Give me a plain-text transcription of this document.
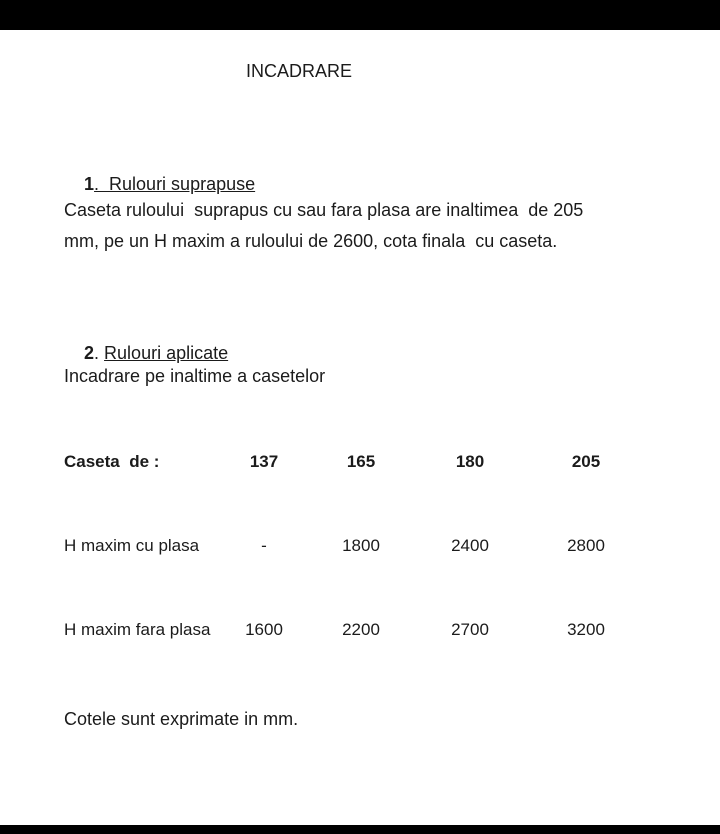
INCADRARE

1.  Rulouri suprapuse

Caseta ruloului  suprapus cu sau fara plasa are inaltimea  de 205
mm, pe un H maxim a ruloului de 2600, cota finala  cu caseta.

2. Rulouri aplicate

Incadrare pe inaltime a casetelor
Caseta  de :	137	165	180	205
H maxim cu plasa	-	1800	2400	2800
H maxim fara plasa	1600	2200	2700	3200
Cotele sunt exprimate in mm.
